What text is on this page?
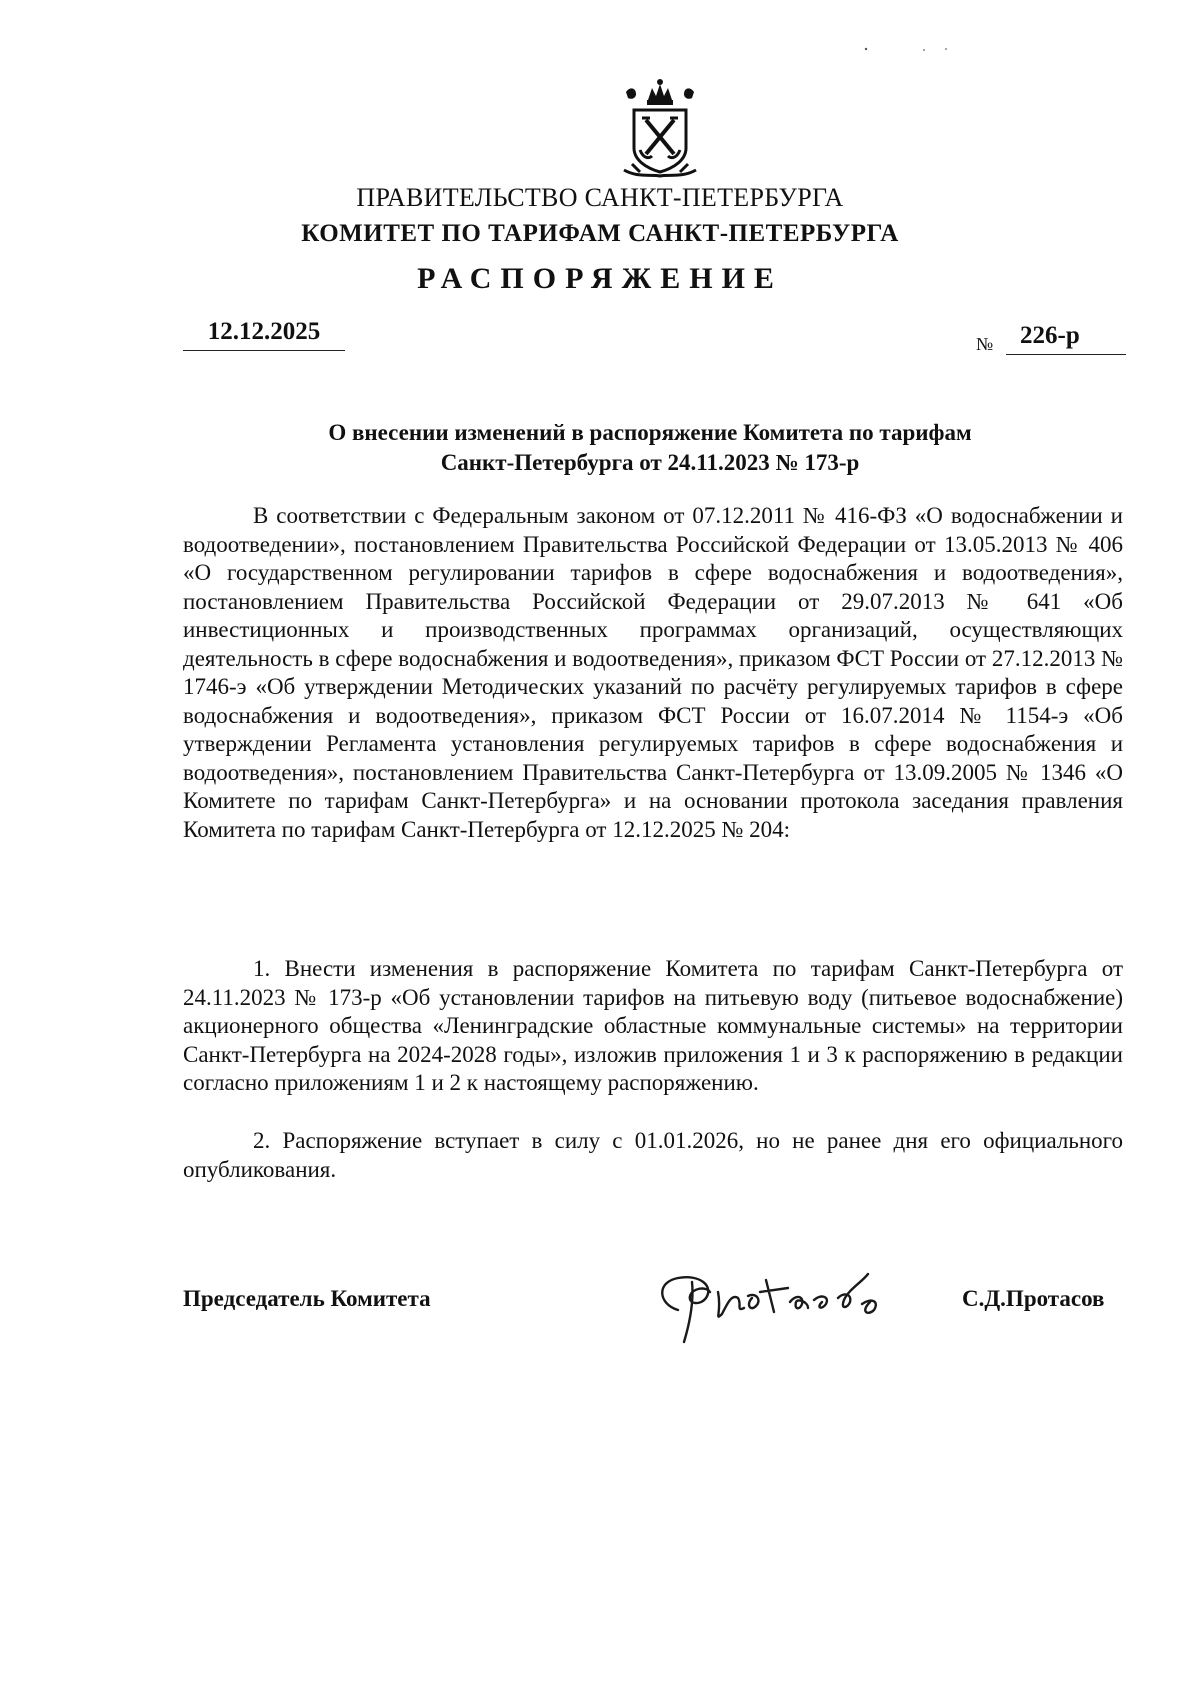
ПРАВИТЕЛЬСТВО САНКТ-ПЕТЕРБУРГА
КОМИТЕТ ПО ТАРИФАМ САНКТ-ПЕТЕРБУРГА
РАСПОРЯЖЕНИЕ
12.12.2025	№	226-р
О внесении изменений в распоряжение Комитета по тарифам
Санкт-Петербурга от 24.11.2023 № 173-р
В соответствии с Федеральным законом от 07.12.2011 № 416-ФЗ «О водоснабжении и водоотведении», постановлением Правительства Российской Федерации от 13.05.2013 № 406 «О государственном регулировании тарифов в сфере водоснабжения и водоотведения», постановлением Правительства Российской Федерации от 29.07.2013 № 641 «Об инвестиционных и производственных программах организаций, осуществляющих деятельность в сфере водоснабжения и водоотведения», приказом ФСТ России от 27.12.2013 № 1746-э «Об утверждении Методических указаний по расчёту регулируемых тарифов в сфере водоснабжения и водоотведения», приказом ФСТ России от 16.07.2014 № 1154-э «Об утверждении Регламента установления регулируемых тарифов в сфере водоснабжения и водоотведения», постановлением Правительства Санкт-Петербурга от 13.09.2005 № 1346 «О Комитете по тарифам Санкт-Петербурга» и на основании протокола заседания правления Комитета по тарифам Санкт-Петербурга от 12.12.2025 № 204:
1. Внести изменения в распоряжение Комитета по тарифам Санкт-Петербурга от 24.11.2023 № 173-р «Об установлении тарифов на питьевую воду (питьевое водоснабжение) акционерного общества «Ленинградские областные коммунальные системы» на территории Санкт-Петербурга на 2024-2028 годы», изложив приложения 1 и 3 к распоряжению в редакции согласно приложениям 1 и 2 к настоящему распоряжению.
2. Распоряжение вступает в силу с 01.01.2026, но не ранее дня его официального опубликования.
Председатель Комитета	С.Д.Протасов
